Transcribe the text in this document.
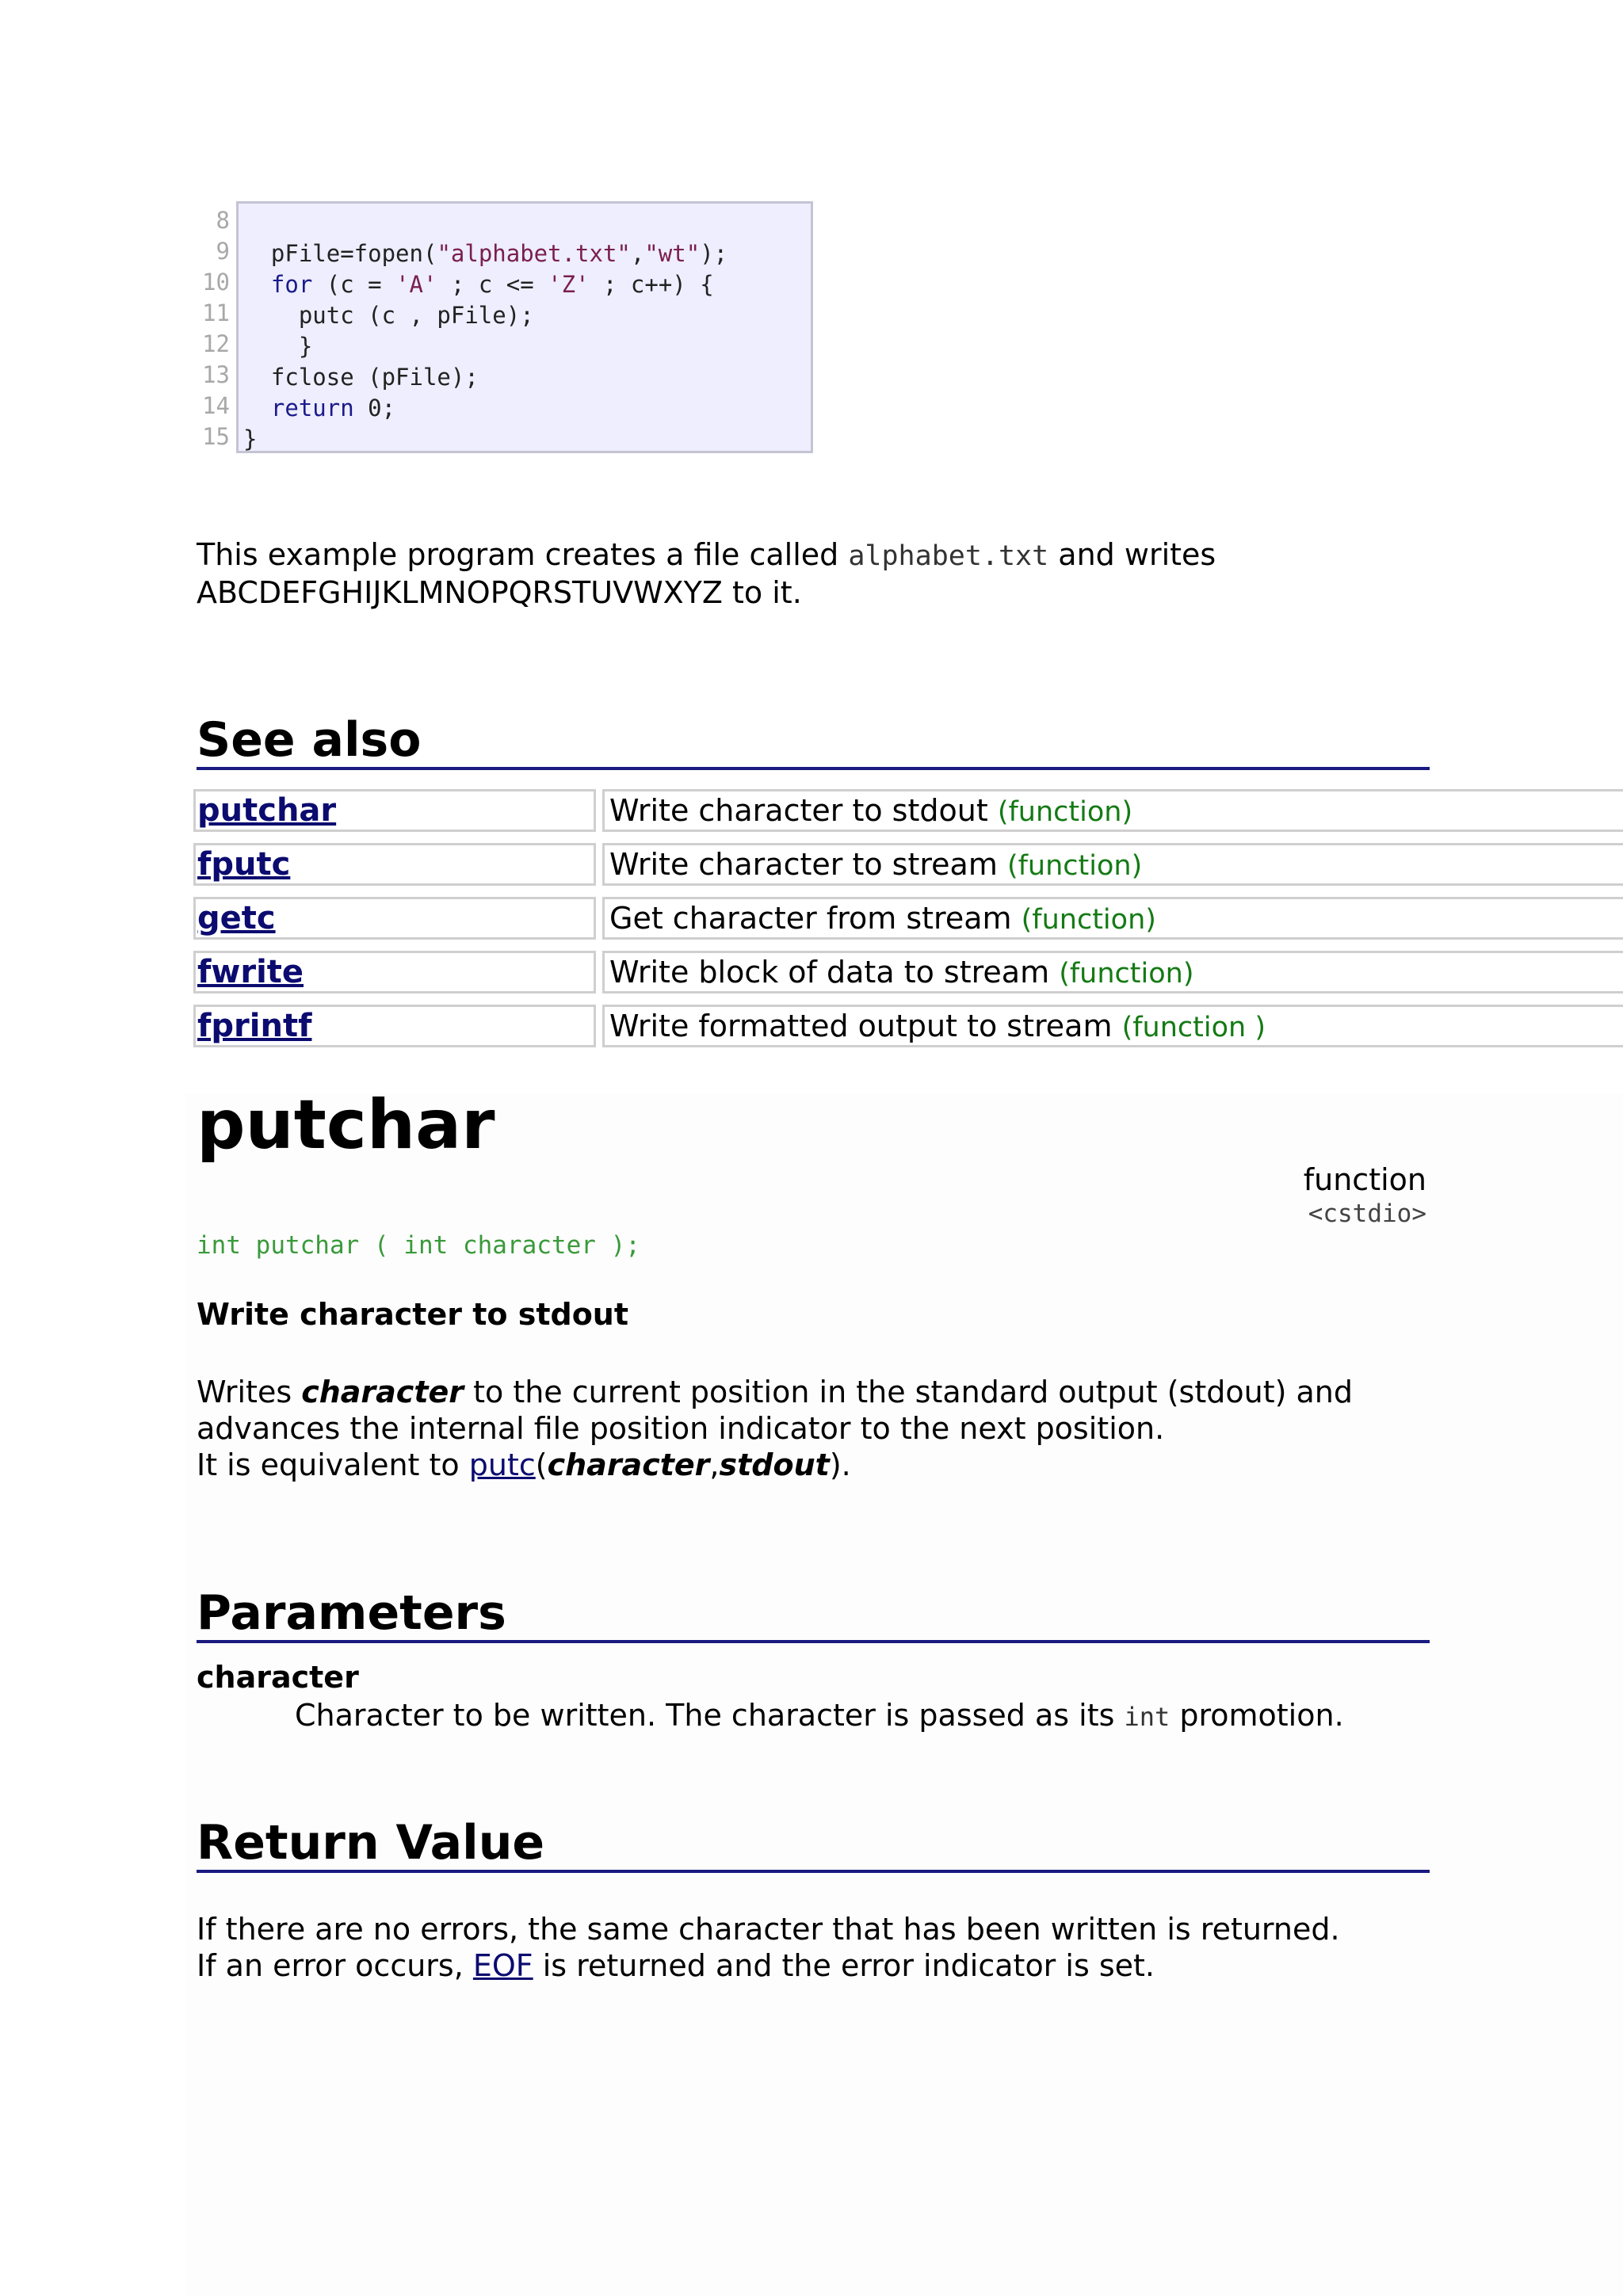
8
9
10
11
12
13
14
15

pFile=fopen("alphabet.txt","wt");
for (c = 'A' ; c <= 'Z' ; c++) {
putc (c , pFile);
}
fclose (pFile);
return 0;
}
This example program creates a file called alphabet.txt and writes
ABCDEFGHIJKLMNOPQRSTUVWXYZ to it.
See also
putchar	Write character to stdout (function)
fputc	Write character to stream (function)
getc	Get character from stream (function)
fwrite	Write block of data to stream (function)
fprintf	Write formatted output to stream (function )
putchar
function
<cstdio>
int putchar ( int character );
Write character to stdout
Writes character to the current position in the standard output (stdout) and
advances the internal file position indicator to the next position.
It is equivalent to putc(character,stdout).
Parameters
character
Character to be written. The character is passed as its int promotion.
Return Value
If there are no errors, the same character that has been written is returned.
If an error occurs, EOF is returned and the error indicator is set.
